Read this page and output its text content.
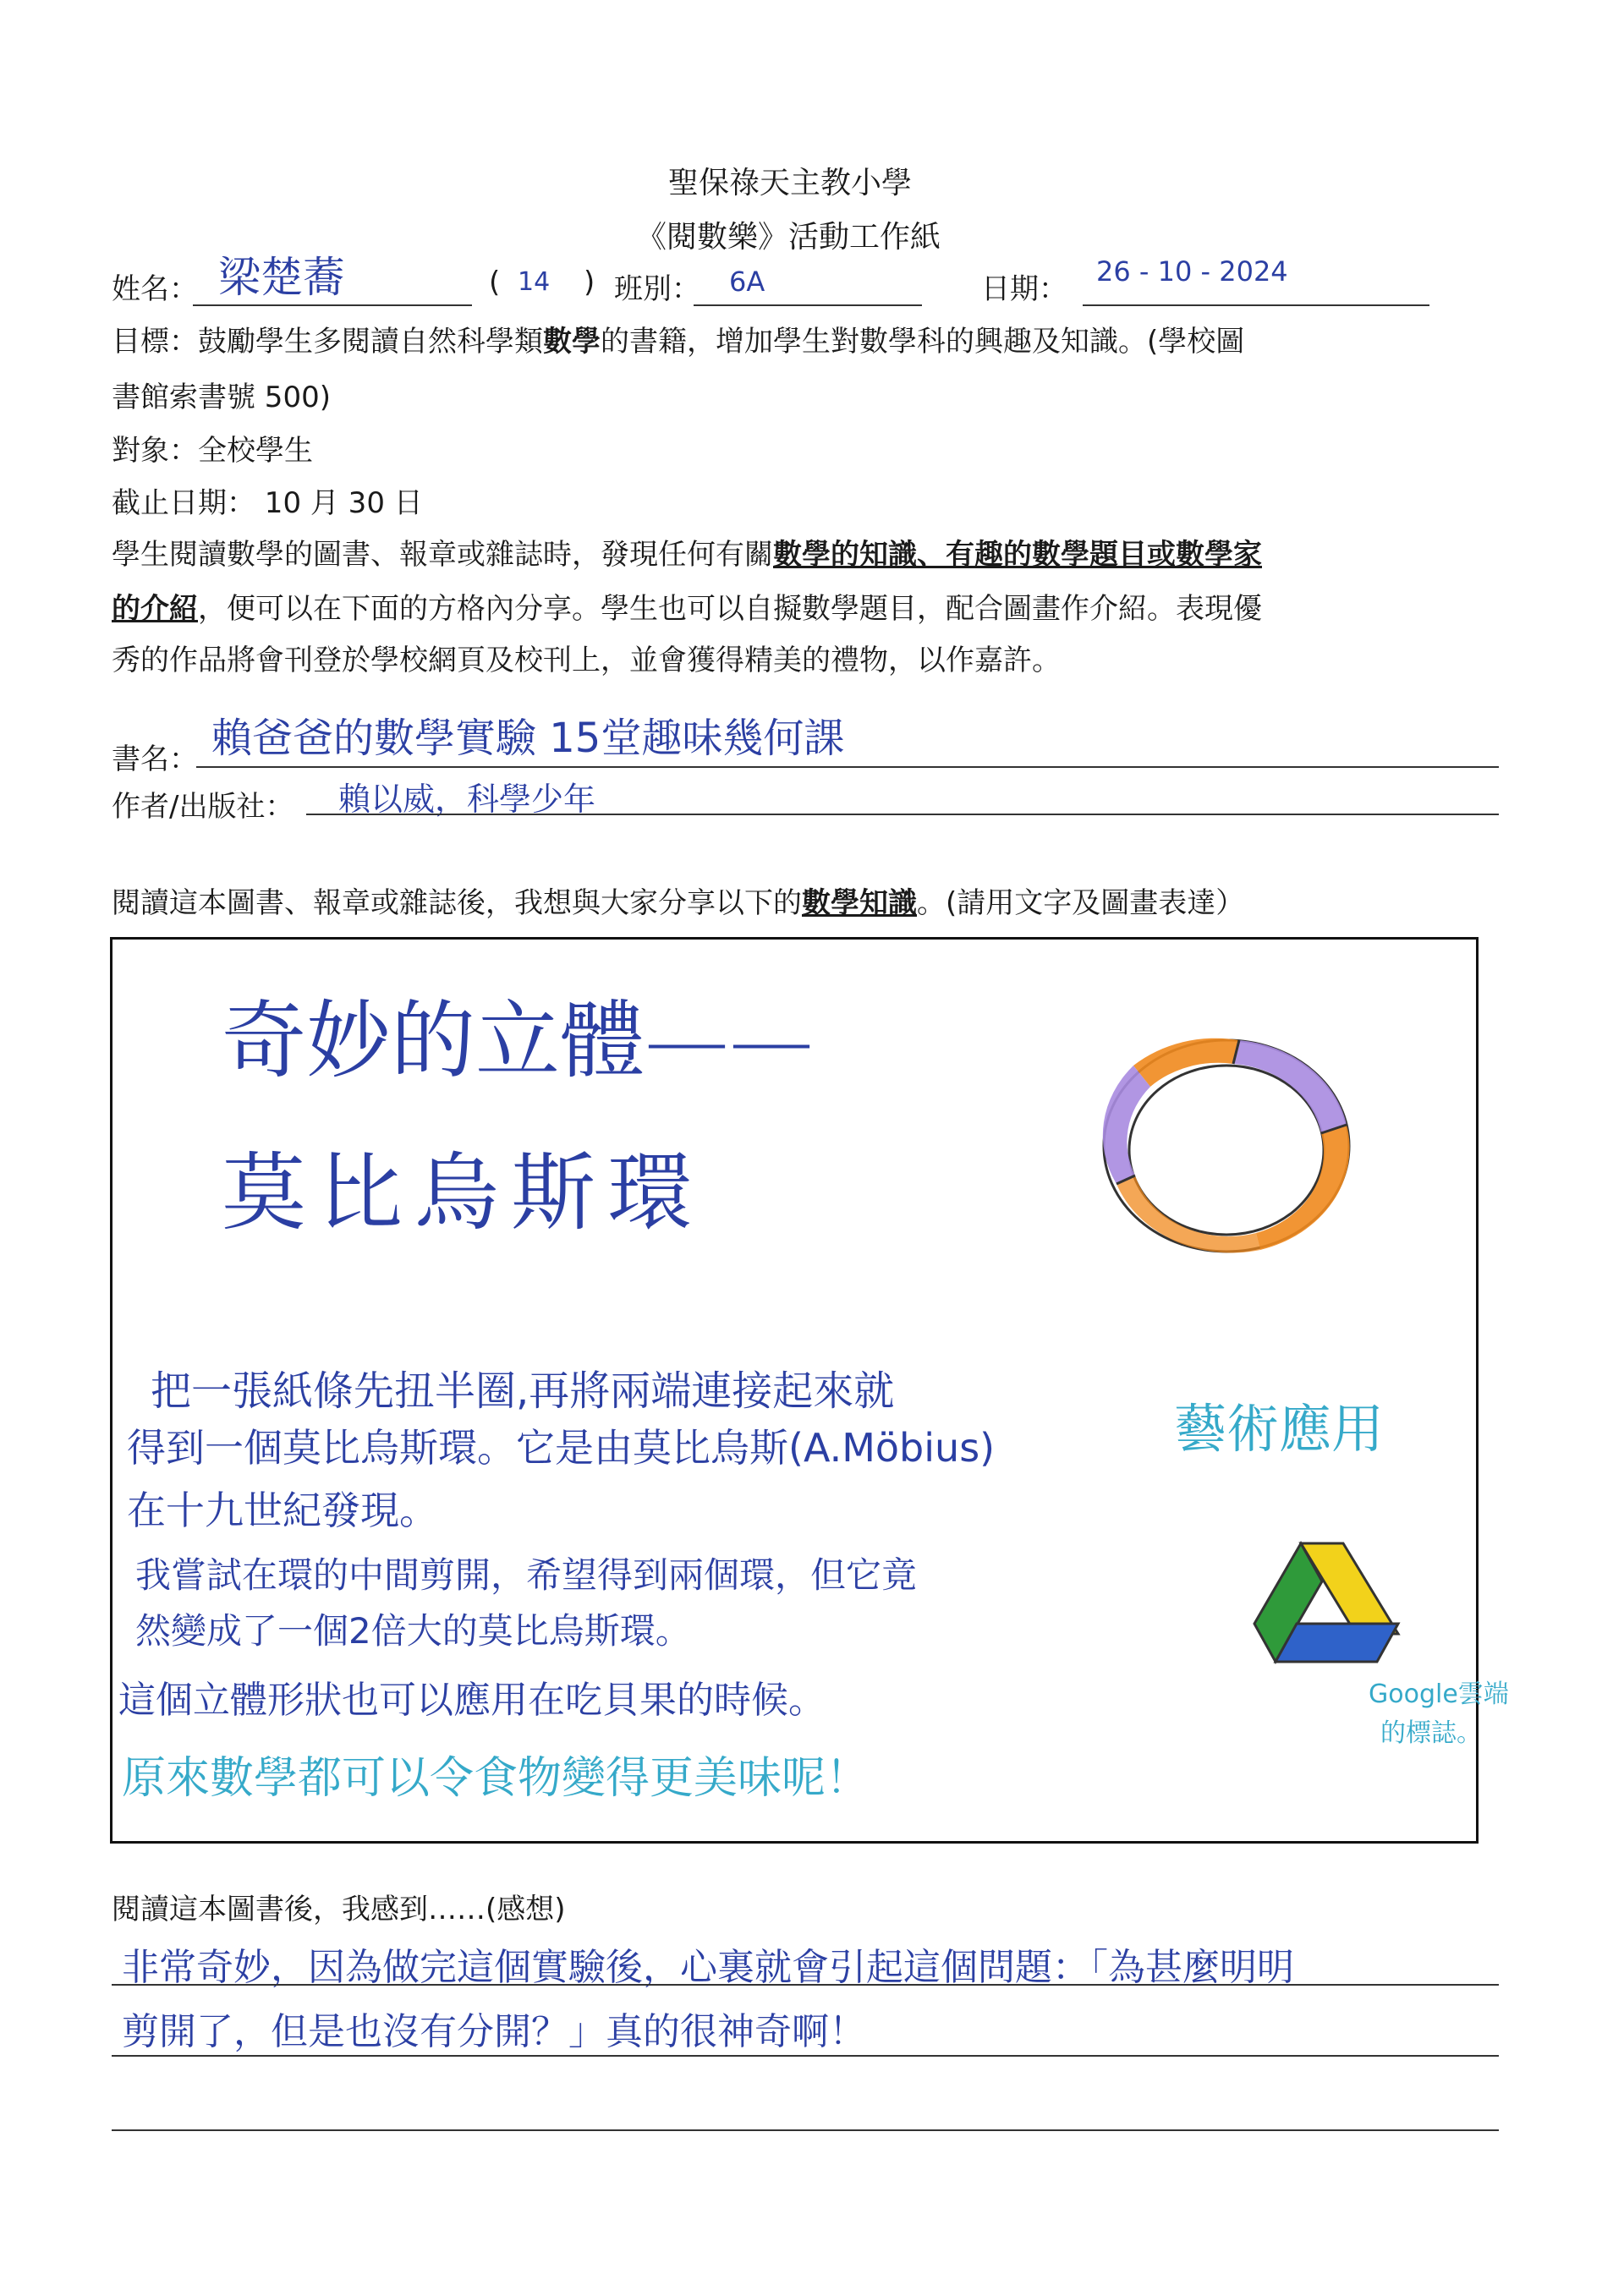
聖保祿天主教小學
《閱數樂》活動工作紙
姓名： 梁楚蕎	( 14 ) 班別： 6A	日期：
26 - 10 - 2024
目標：鼓勵學生多閱讀自然科學類數學的書籍，增加學生對數學科的興趣及知識。(學校圖
書館索書號 500)
對象：全校學生
截止日期： 10 月 30 日
學生閱讀數學的圖書、報章或雜誌時，發現任何有關數學的知識、有趣的數學題目或數學家
的介紹，便可以在下面的方格內分享。學生也可以自擬數學題目，配合圖畫作介紹。表現優
秀的作品將會刊登於學校網頁及校刊上，並會獲得精美的禮物，以作嘉許。
書名： 賴爸爸的數學實驗 15堂趣味幾何課
作者/出版社： 賴以威，科學少年
閱讀這本圖書、報章或雜誌後，我想與大家分享以下的數學知識。(請用文字及圖畫表達）
奇妙的立體——
莫比烏斯環
把一張紙條先扭半圈,再將兩端連接起來就
得到一個莫比烏斯環。它是由莫比烏斯(A.Möbius)
在十九世紀發現。
我嘗試在環的中間剪開，希望得到兩個環，但它竟
然變成了一個2倍大的莫比烏斯環。
這個立體形狀也可以應用在吃貝果的時候。
原來數學都可以令食物變得更美味呢！
藝術應用
Google雲端
的標誌。
閱讀這本圖書後，我感到……(感想)
非常奇妙，因為做完這個實驗後，心裏就會引起這個問題：「為甚麼明明
剪開了，但是也沒有分開？」真的很神奇啊！
